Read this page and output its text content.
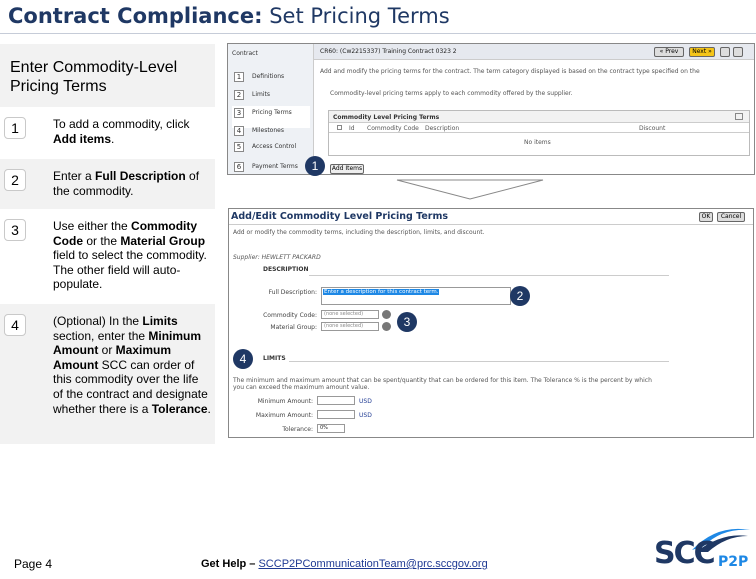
Contract Compliance: Set Pricing Terms
Enter Commodity-Level Pricing Terms
1	To add a commodity, click Add items.
2	Enter a Full Description of the commodity.
3	Use either the Commodity Code or the Material Group field to select the commodity. The other field will auto-populate.
4	(Optional) In the Limits section, enter the Minimum Amount or Maximum Amount SCC can order of this commodity over the life of the contract and designate whether there is a Tolerance.
Contract
1	Definitions
2	Limits
3	Pricing Terms
4	Milestones
5	Access Control
6	Payment Terms
CR60: (Cw2215337) Training Contract 0323 2	« Prev	Next »
Add and modify the pricing terms for the contract. The term category displayed is based on the contract type specified on the
Commodity-level pricing terms apply to each commodity offered by the supplier.
Commodity Level Pricing Terms
Id Commodity Code Description	Discount
No items
Add Items
1
Add/Edit Commodity Level Pricing Terms	OK	Cancel
Add or modify the commodity terms, including the description, limits, and discount.
Supplier: HEWLETT PACKARD
DESCRIPTION
Full Description: Enter a description for this contract term.
Commodity Code:	(none selected)
Material Group:	(none selected)
LIMITS
The minimum and maximum amount that can be spent/quantity that can be ordered for this item. The Tolerance % is the percent by which you can exceed the maximum amount value.
Minimum Amount:	USD
Maximum Amount:	USD
Tolerance:	0%
2
3
4
Page 4	Get Help – SCCP2PCommunicationTeam@prc.sccgov.org	SCC P2P
